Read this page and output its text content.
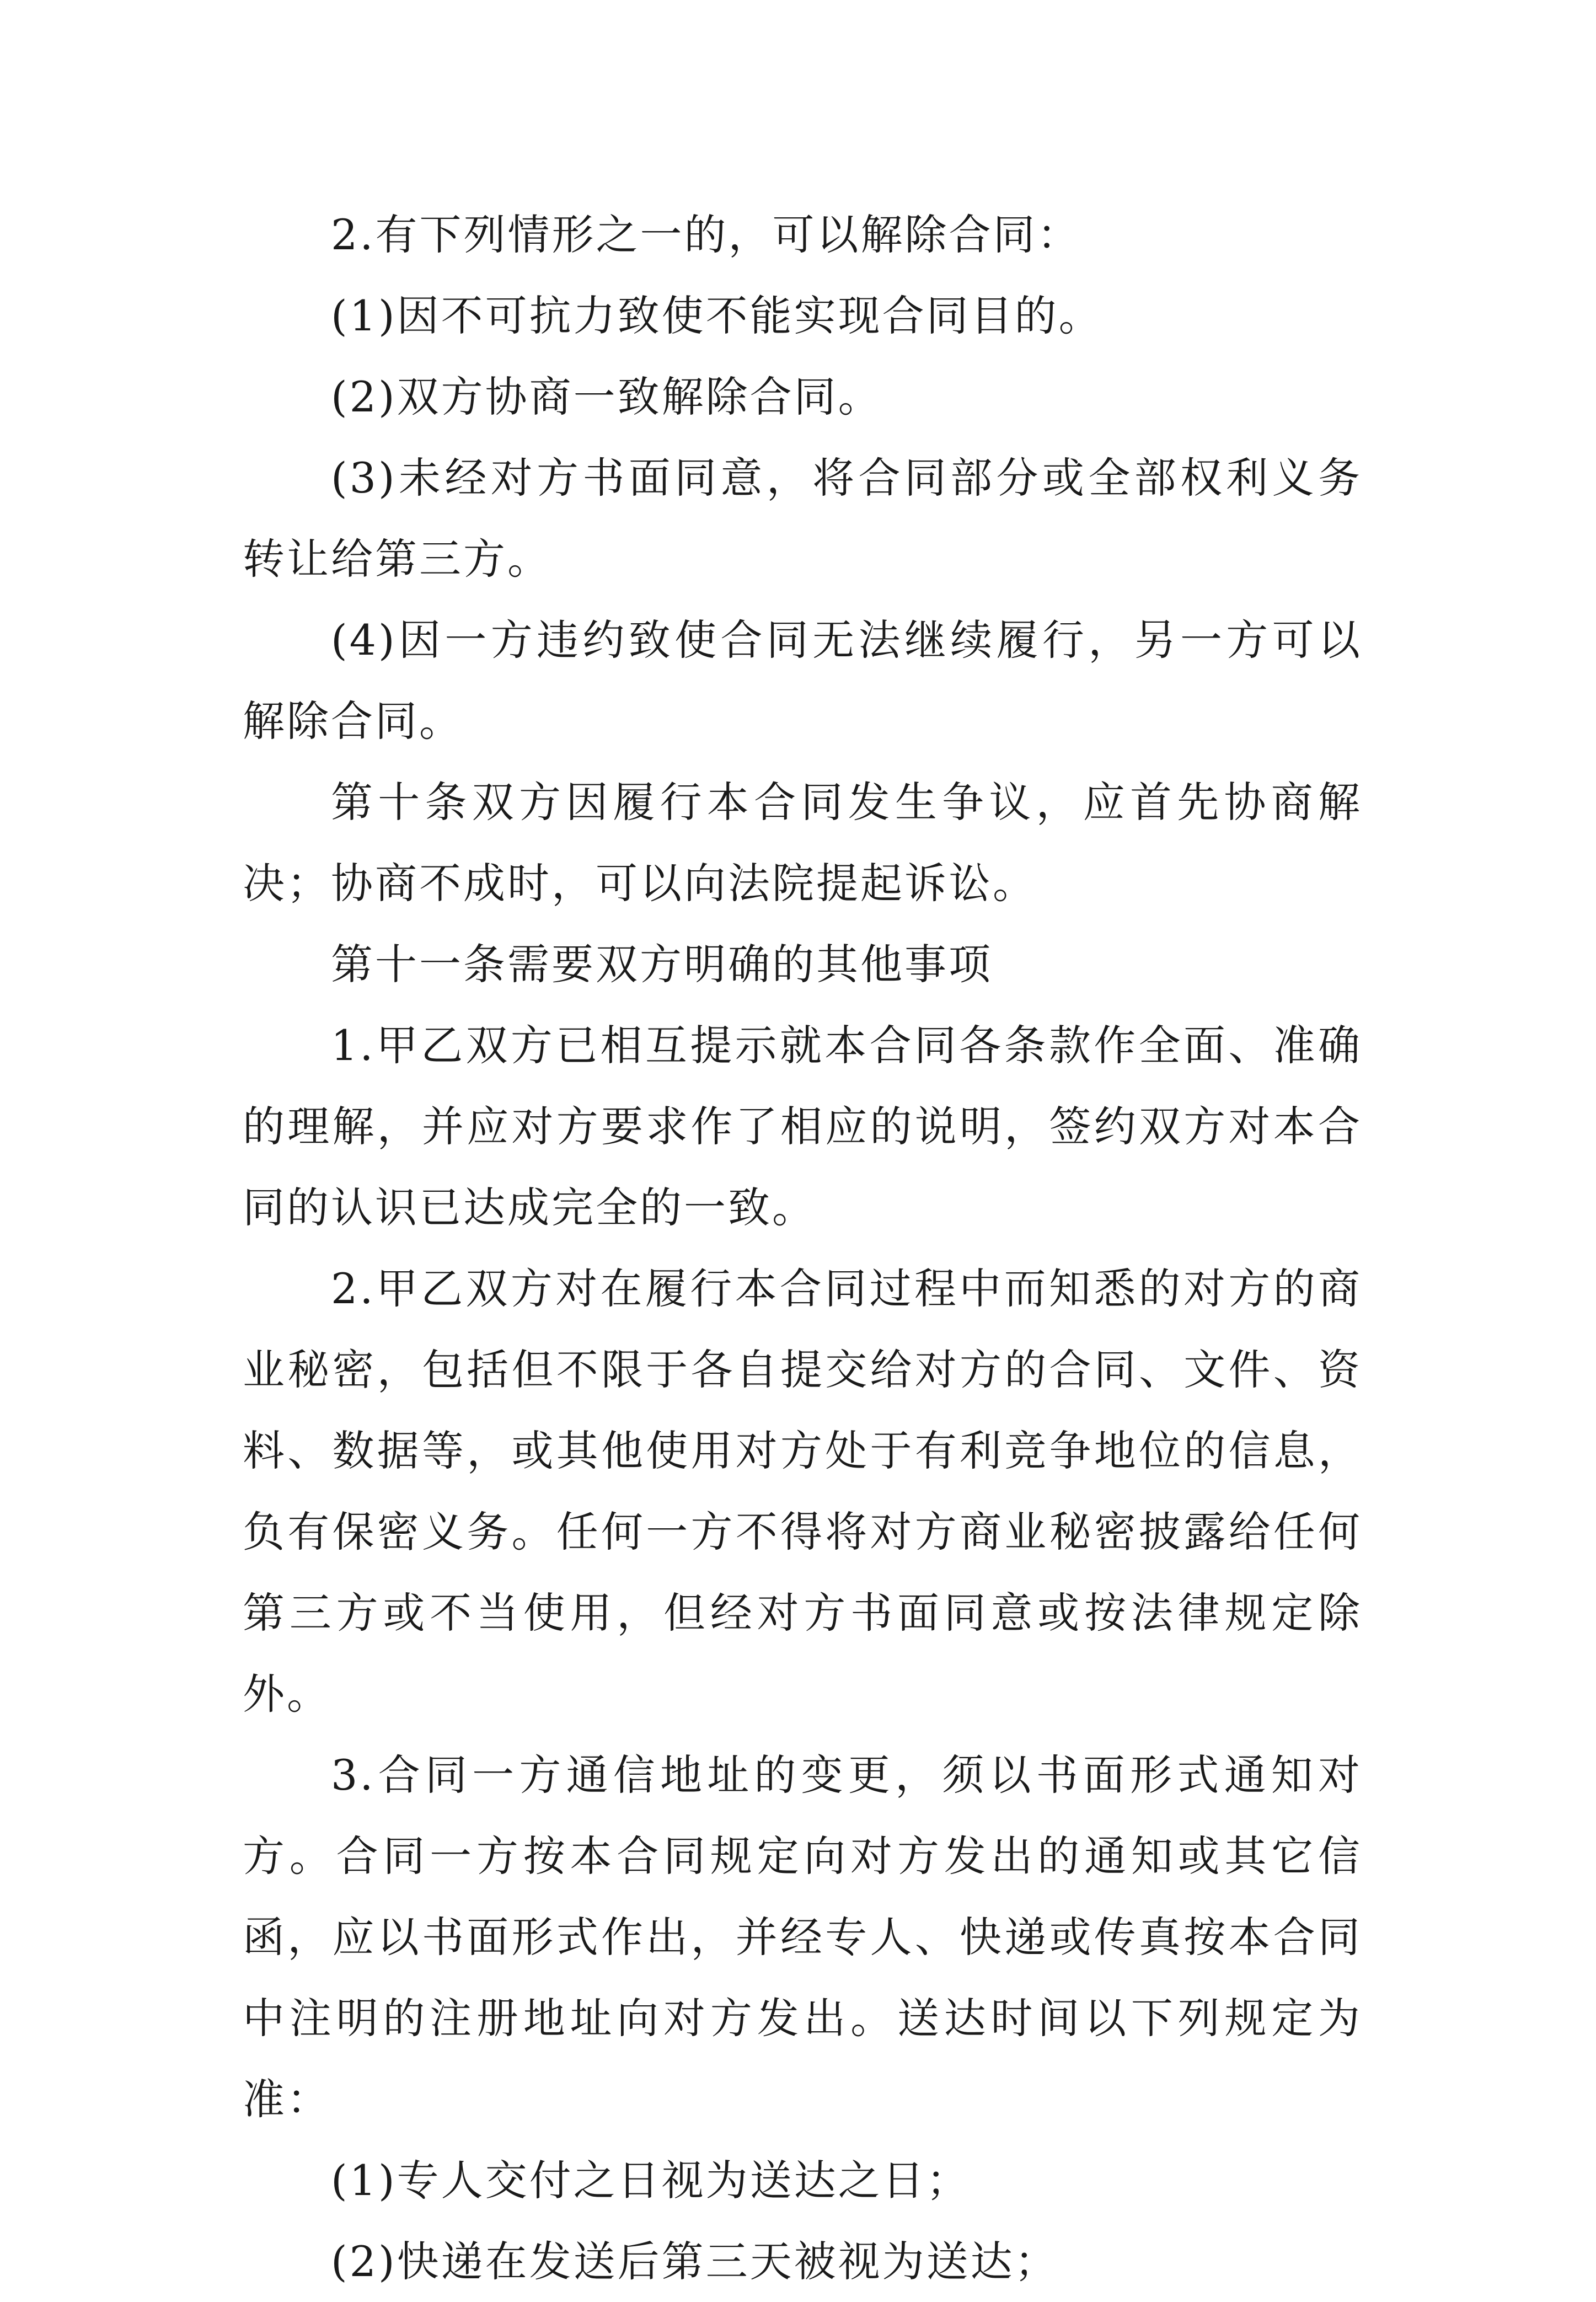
2.有下列情形之一的，可以解除合同：

(1)因不可抗力致使不能实现合同目的。

(2)双方协商一致解除合同。

(3)未经对方书面同意，将合同部分或全部权利义务转让给第三方。

(4)因一方违约致使合同无法继续履行，另一方可以解除合同。

第十条双方因履行本合同发生争议，应首先协商解决；协商不成时，可以向法院提起诉讼。

第十一条需要双方明确的其他事项

1.甲乙双方已相互提示就本合同各条款作全面、准确的理解，并应对方要求作了相应的说明，签约双方对本合同的认识已达成完全的一致。

2.甲乙双方对在履行本合同过程中而知悉的对方的商业秘密，包括但不限于各自提交给对方的合同、文件、资料、数据等，或其他使用对方处于有利竞争地位的信息，负有保密义务。任何一方不得将对方商业秘密披露给任何第三方或不当使用，但经对方书面同意或按法律规定除外。

3.合同一方通信地址的变更，须以书面形式通知对方。合同一方按本合同规定向对方发出的通知或其它信函，应以书面形式作出，并经专人、快递或传真按本合同中注明的注册地址向对方发出。送达时间以下列规定为准：

(1)专人交付之日视为送达之日；

(2)快递在发送后第三天被视为送达；
